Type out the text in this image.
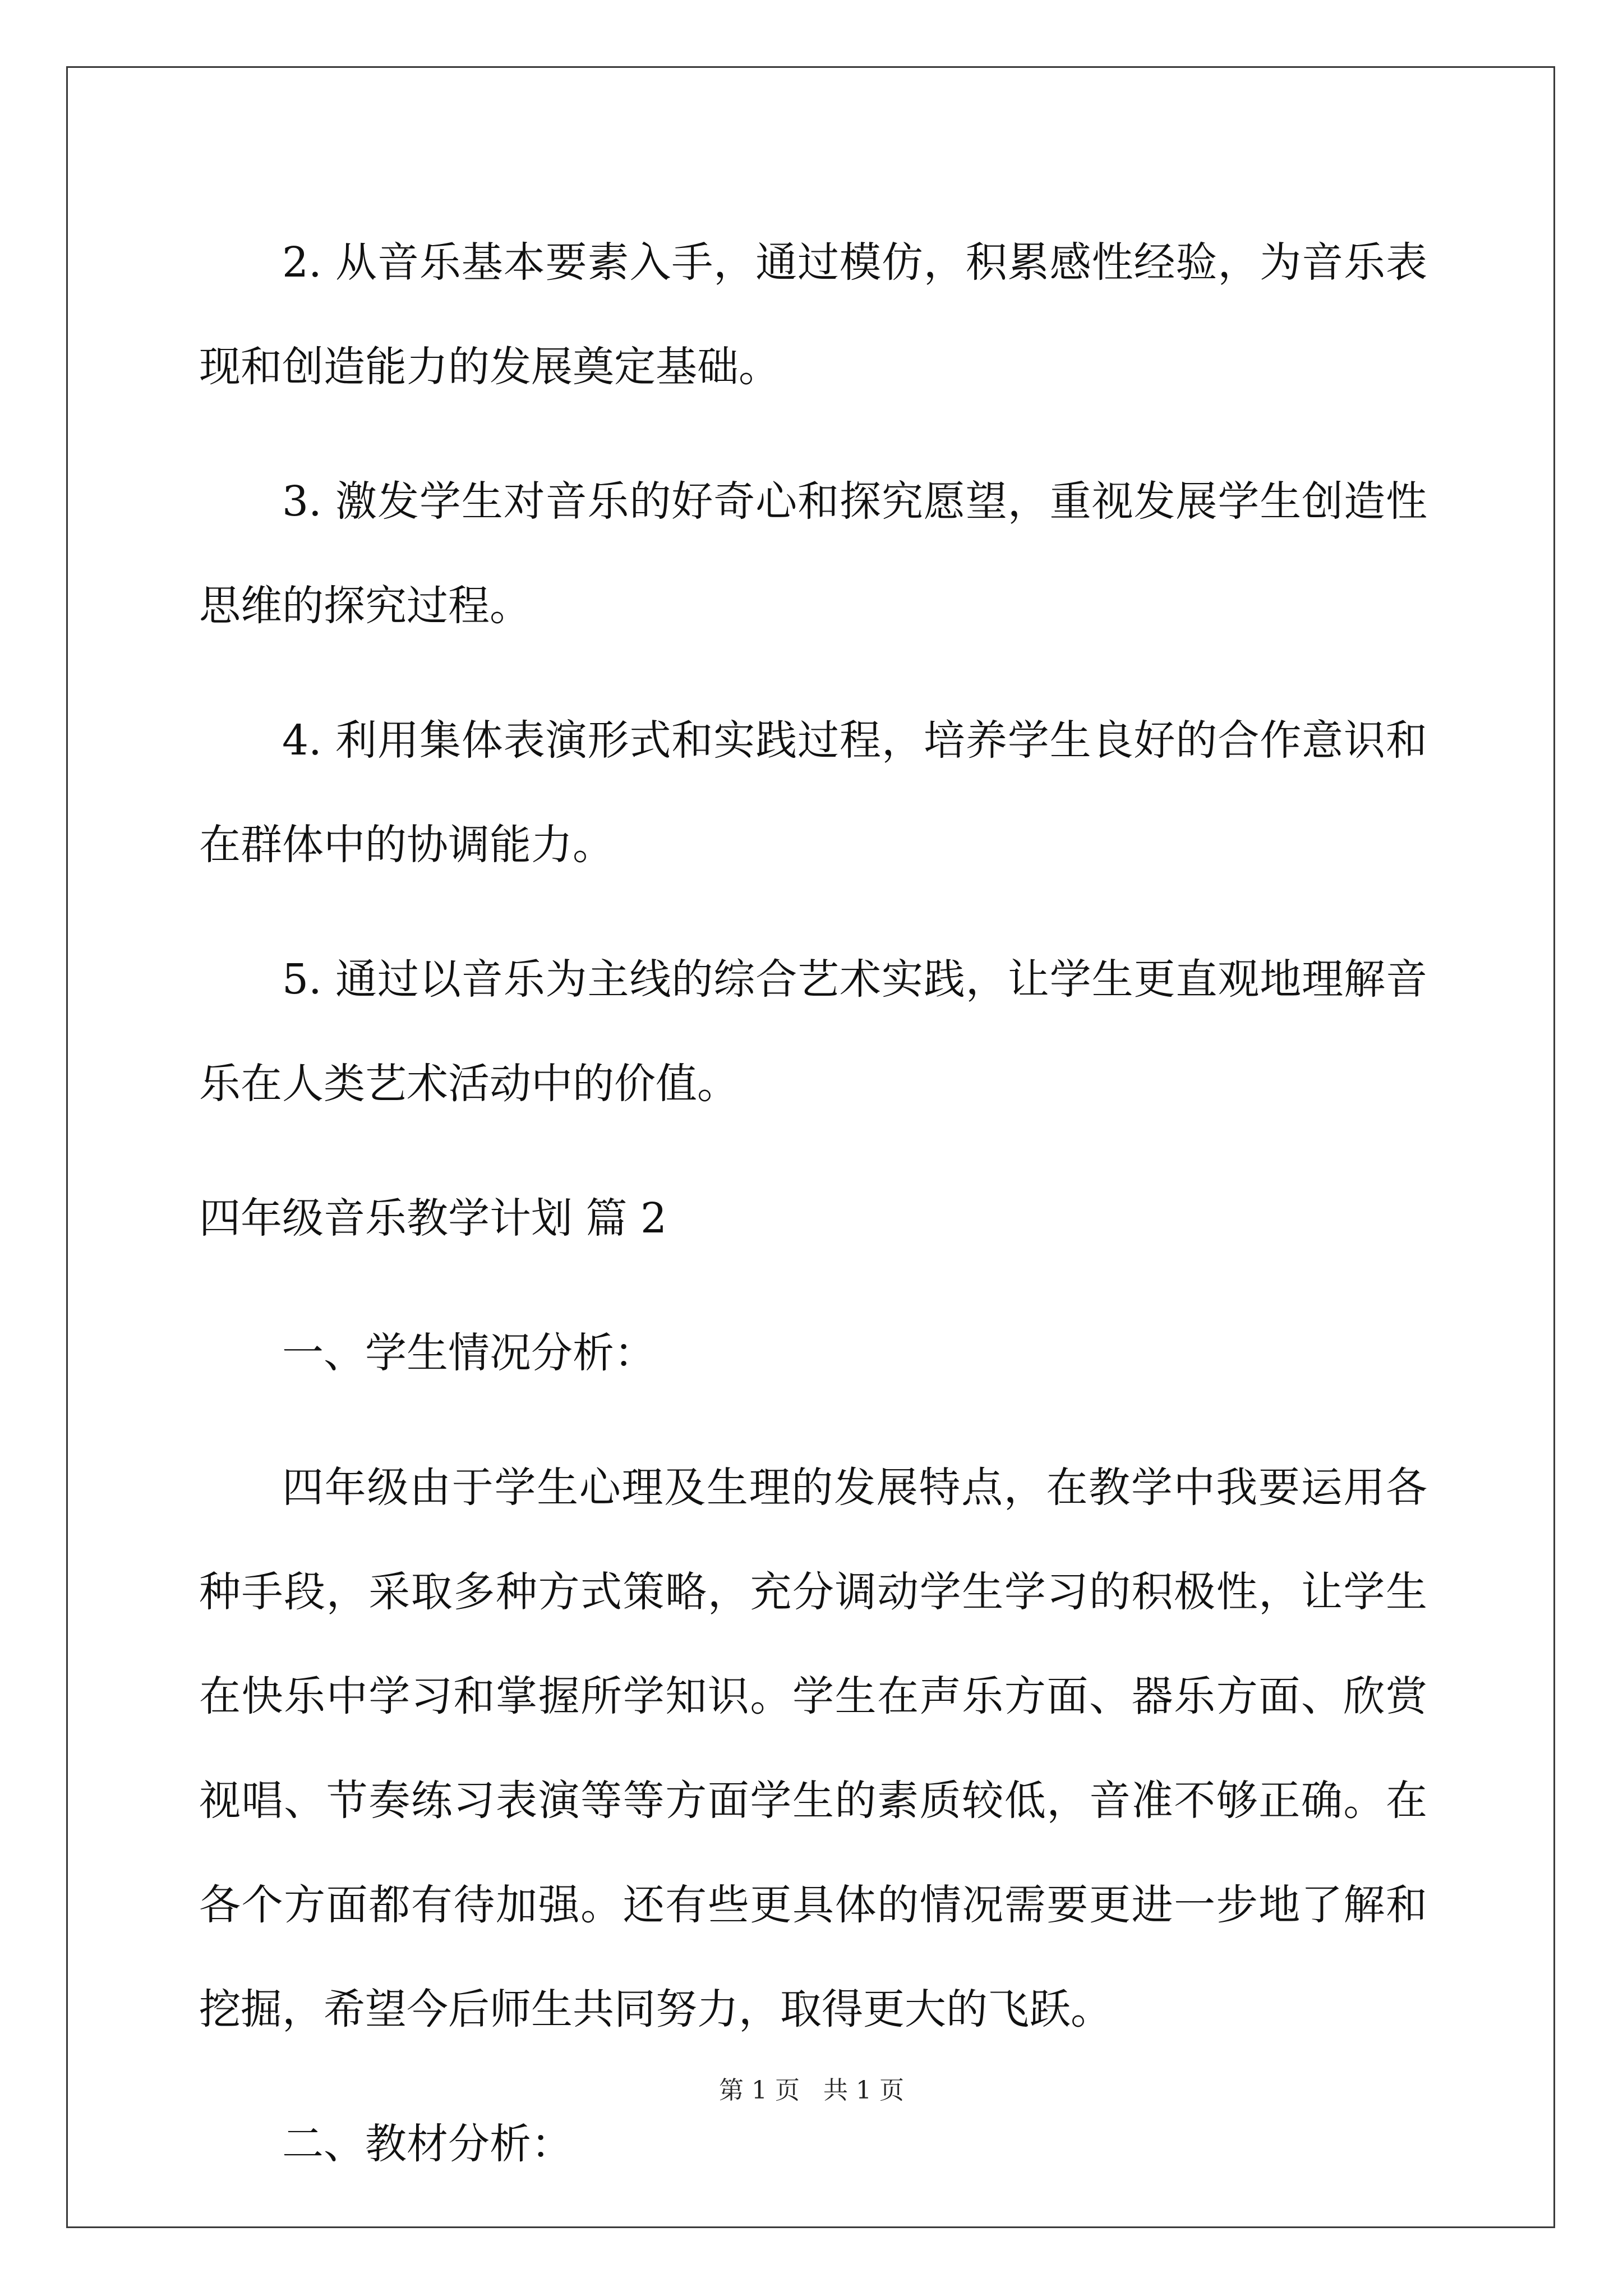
2. 从音乐基本要素入手，通过模仿，积累感性经验，为音乐表现和创造能力的发展奠定基础。

3. 激发学生对音乐的好奇心和探究愿望，重视发展学生创造性思维的探究过程。

4. 利用集体表演形式和实践过程，培养学生良好的合作意识和在群体中的协调能力。

5. 通过以音乐为主线的综合艺术实践，让学生更直观地理解音乐在人类艺术活动中的价值。

四年级音乐教学计划 篇 2

一、学生情况分析：

四年级由于学生心理及生理的发展特点，在教学中我要运用各种手段，采取多种方式策略，充分调动学生学习的积极性，让学生在快乐中学习和掌握所学知识。学生在声乐方面、器乐方面、欣赏视唱、节奏练习表演等等方面学生的素质较低，音准不够正确。在各个方面都有待加强。还有些更具体的情况需要更进一步地了解和挖掘，希望今后师生共同努力，取得更大的飞跃。

二、教材分析：

第 1 页   共 1 页
